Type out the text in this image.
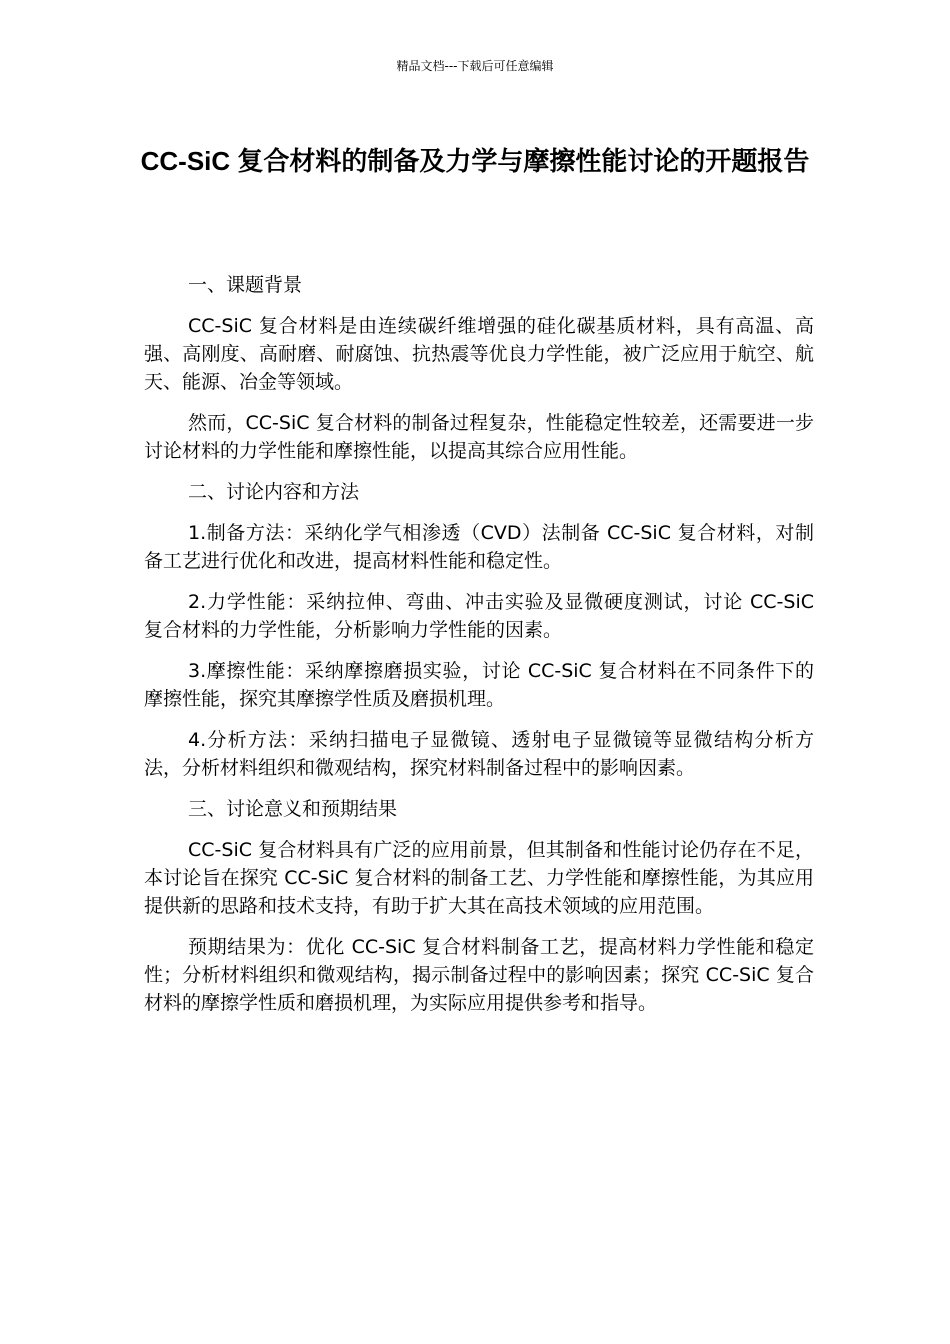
精品文档---下载后可任意编辑
CC-SiC 复合材料的制备及力学与摩擦性能讨论的开题报告

一、课题背景

CC-SiC 复合材料是由连续碳纤维增强的硅化碳基质材料，具有高温、高强、高刚度、高耐磨、耐腐蚀、抗热震等优良力学性能，被广泛应用于航空、航天、能源、冶金等领域。

然而，CC-SiC 复合材料的制备过程复杂，性能稳定性较差，还需要进一步讨论材料的力学性能和摩擦性能，以提高其综合应用性能。

二、讨论内容和方法

1.制备方法：采纳化学气相渗透（CVD）法制备 CC-SiC 复合材料，对制备工艺进行优化和改进，提高材料性能和稳定性。

2.力学性能：采纳拉伸、弯曲、冲击实验及显微硬度测试，讨论 CC-SiC 复合材料的力学性能，分析影响力学性能的因素。

3.摩擦性能：采纳摩擦磨损实验，讨论 CC-SiC 复合材料在不同条件下的摩擦性能，探究其摩擦学性质及磨损机理。

4.分析方法：采纳扫描电子显微镜、透射电子显微镜等显微结构分析方法，分析材料组织和微观结构，探究材料制备过程中的影响因素。

三、讨论意义和预期结果

CC-SiC 复合材料具有广泛的应用前景，但其制备和性能讨论仍存在不足，本讨论旨在探究 CC-SiC 复合材料的制备工艺、力学性能和摩擦性能，为其应用提供新的思路和技术支持，有助于扩大其在高技术领域的应用范围。

预期结果为：优化 CC-SiC 复合材料制备工艺，提高材料力学性能和稳定性；分析材料组织和微观结构，揭示制备过程中的影响因素；探究 CC-SiC 复合材料的摩擦学性质和磨损机理，为实际应用提供参考和指导。
